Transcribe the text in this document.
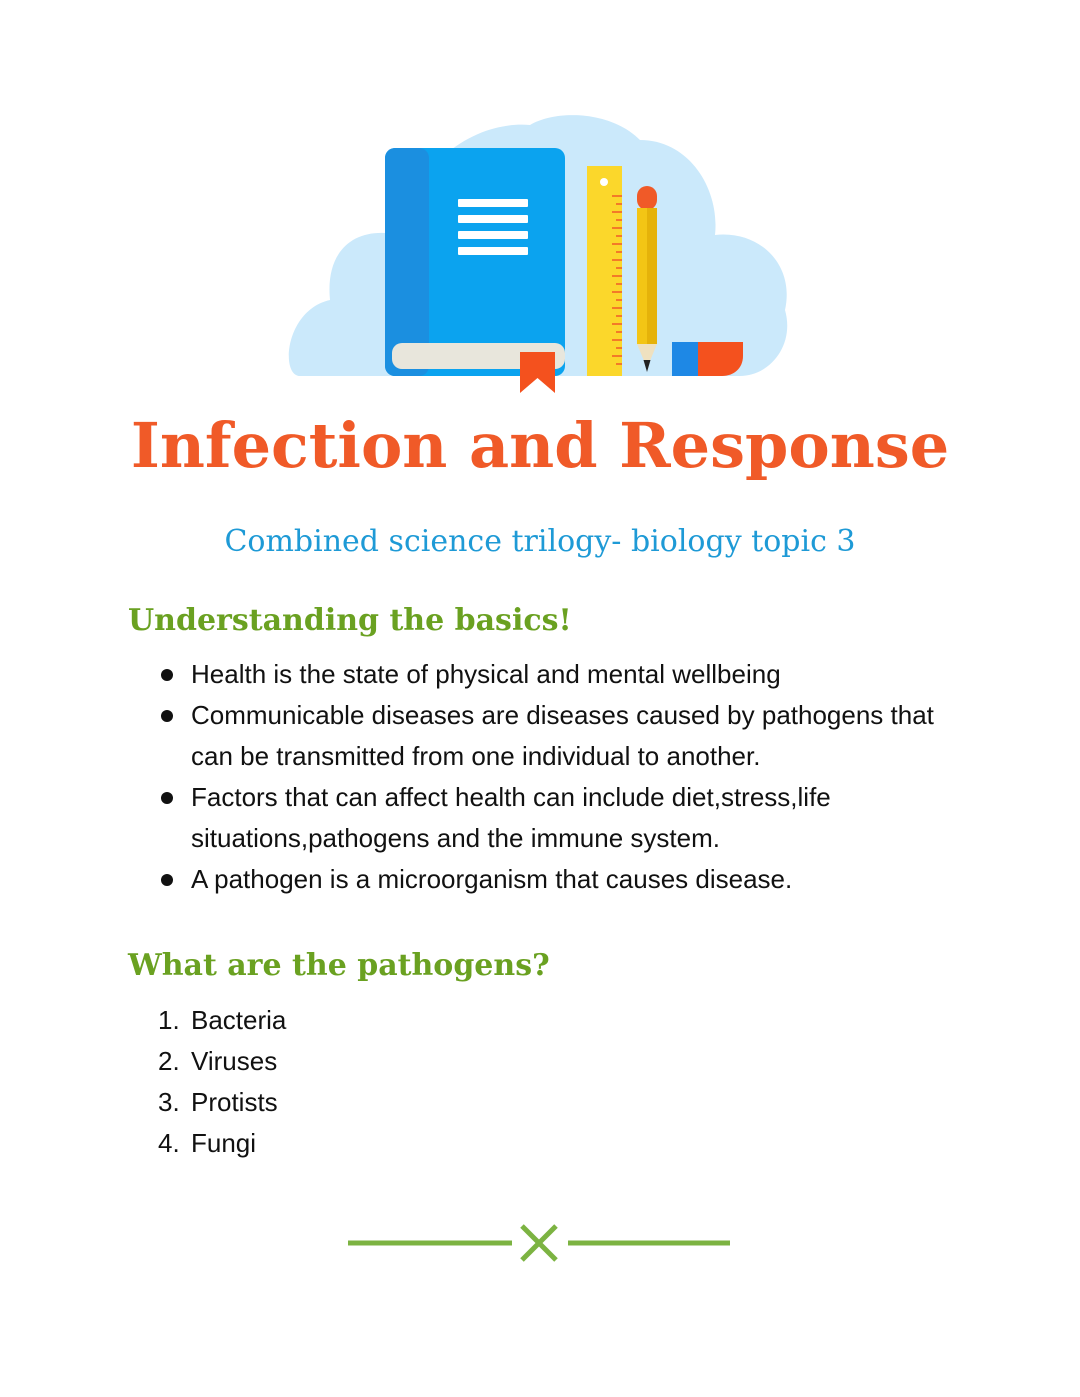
Infection and Response

Combined science trilogy- biology topic 3

Understanding the basics!
Health is the state of physical and mental wellbeing
Communicable diseases are diseases caused by pathogens that can be transmitted from one individual to another.
Factors that can affect health can include diet,stress,life situations,pathogens and the immune system.
A pathogen is a microorganism that causes disease.
What are the pathogens?
1. Bacteria
2. Viruses
3. Protists
4. Fungi
